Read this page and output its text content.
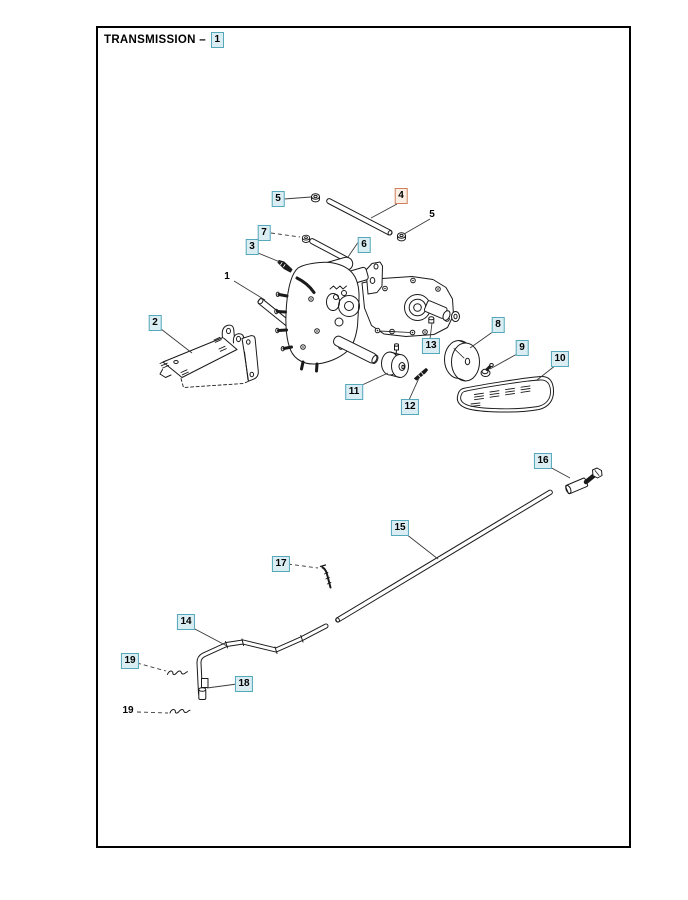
TRANSMISSION – 1
5	4
5
7
3	6
1
2	8
9
10
13
11
12
16
15
17
14
19
18
19
